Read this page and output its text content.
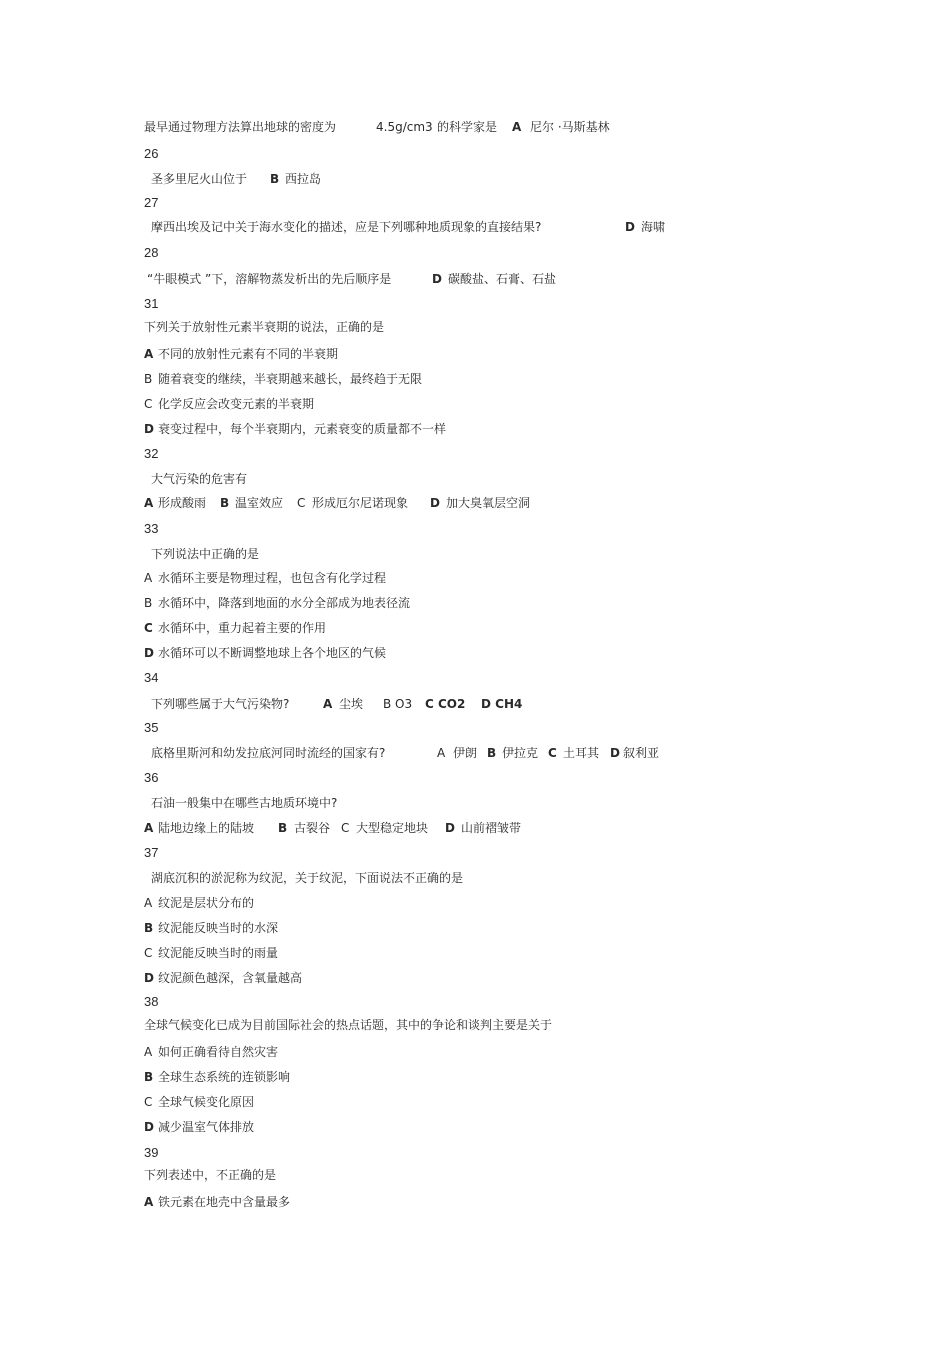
最早通过物理方法算出地球的密度为	4.5g/cm3 的科学家是 A 尼尔 ·马斯基林
26
圣多里尼火山位于 B 西拉岛
27
摩西出埃及记中关于海水变化的描述，应是下列哪种地质现象的直接结果?	D 海啸
28
“牛眼模式 ”下，溶解物蒸发析出的先后顺序是	D 碳酸盐、石膏、石盐
31
下列关于放射性元素半衰期的说法，正确的是
A 不同的放射性元素有不同的半衰期
B 随着衰变的继续，半衰期越来越长，最终趋于无限
C 化学反应会改变元素的半衰期
D 衰变过程中，每个半衰期内，元素衰变的质量都不一样
32
大气污染的危害有
A 形成酸雨 B 温室效应 C 形成厄尔尼诺现象 D 加大臭氧层空洞
33
下列说法中正确的是
A 水循环主要是物理过程，也包含有化学过程
B 水循环中，降落到地面的水分全部成为地表径流
C 水循环中，重力起着主要的作用
D 水循环可以不断调整地球上各个地区的气候
34
下列哪些属于大气污染物?	A 尘埃 B O3 C CO2 D CH4
35
底格里斯河和幼发拉底河同时流经的国家有?	A 伊朗 B 伊拉克 C 土耳其 D 叙利亚
36
石油一般集中在哪些古地质环境中?
A 陆地边缘上的陆坡 B 古裂谷 C 大型稳定地块 D 山前褶皱带
37
湖底沉积的淤泥称为纹泥，关于纹泥，下面说法不正确的是
A 纹泥是层状分布的
B 纹泥能反映当时的水深
C 纹泥能反映当时的雨量
D 纹泥颜色越深，含氧量越高
38
全球气候变化已成为目前国际社会的热点话题，其中的争论和谈判主要是关于
A 如何正确看待自然灾害
B 全球生态系统的连锁影响
C 全球气候变化原因
D 减少温室气体排放
39
下列表述中，不正确的是
A 铁元素在地壳中含量最多
